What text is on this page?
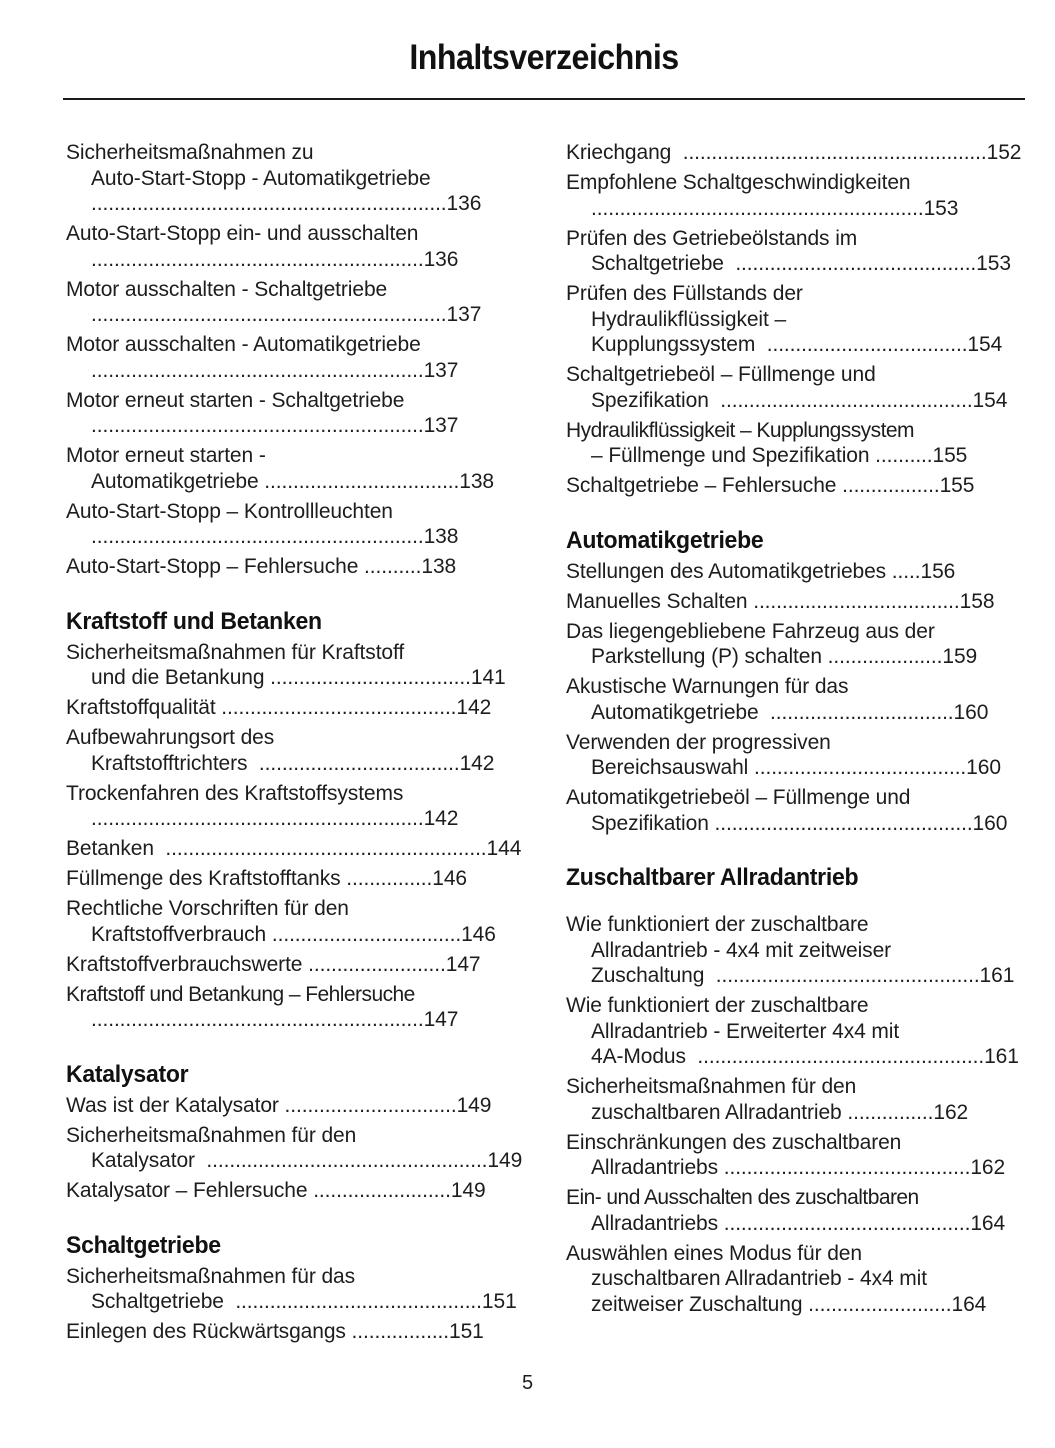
Inhaltsverzeichnis
Sicherheitsmaßnahmen zu
Auto-Start-Stopp - Automatikgetriebe
..............................................................136
Auto-Start-Stopp ein- und ausschalten
..........................................................136
Motor ausschalten - Schaltgetriebe
..............................................................137
Motor ausschalten - Automatikgetriebe
..........................................................137
Motor erneut starten - Schaltgetriebe
..........................................................137
Motor erneut starten -
Automatikgetriebe ..................................138
Auto-Start-Stopp – Kontrollleuchten
..........................................................138
Auto-Start-Stopp – Fehlersuche ..........138
Kraftstoff und Betanken
Sicherheitsmaßnahmen für Kraftstoff
und die Betankung ...................................141
Kraftstoffqualität .........................................142
Aufbewahrungsort des
Kraftstofftrichters  ...................................142
Trockenfahren des Kraftstoffsystems
..........................................................142
Betanken  ........................................................144
Füllmenge des Kraftstofftanks ...............146
Rechtliche Vorschriften für den
Kraftstoffverbrauch .................................146
Kraftstoffverbrauchswerte ........................147
Kraftstoff und Betankung – Fehlersuche
..........................................................147
Katalysator
Was ist der Katalysator ..............................149
Sicherheitsmaßnahmen für den
Katalysator  .................................................149
Katalysator – Fehlersuche ........................149
Schaltgetriebe
Sicherheitsmaßnahmen für das
Schaltgetriebe  ...........................................151
Einlegen des Rückwärtsgangs .................151
Kriechgang  .....................................................152
Empfohlene Schaltgeschwindigkeiten
..........................................................153
Prüfen des Getriebeölstands im
Schaltgetriebe  ..........................................153
Prüfen des Füllstands der
Hydraulikflüssigkeit –
Kupplungssystem  ...................................154
Schaltgetriebeöl – Füllmenge und
Spezifikation  ............................................154
Hydraulikflüssigkeit – Kupplungssystem
– Füllmenge und Spezifikation ..........155
Schaltgetriebe – Fehlersuche .................155
Automatikgetriebe
Stellungen des Automatikgetriebes .....156
Manuelles Schalten ....................................158
Das liegengebliebene Fahrzeug aus der
Parkstellung (P) schalten ....................159
Akustische Warnungen für das
Automatikgetriebe  ................................160
Verwenden der progressiven
Bereichsauswahl .....................................160
Automatikgetriebeöl – Füllmenge und
Spezifikation .............................................160
Zuschaltbarer Allradantrieb
Wie funktioniert der zuschaltbare
Allradantrieb - 4x4 mit zeitweiser
Zuschaltung  ..............................................161
Wie funktioniert der zuschaltbare
Allradantrieb - Erweiterter 4x4 mit
4A-Modus  ..................................................161
Sicherheitsmaßnahmen für den
zuschaltbaren Allradantrieb ...............162
Einschränkungen des zuschaltbaren
Allradantriebs ...........................................162
Ein- und Ausschalten des zuschaltbaren
Allradantriebs ...........................................164
Auswählen eines Modus für den
zuschaltbaren Allradantrieb - 4x4 mit
zeitweiser Zuschaltung .........................164
5
